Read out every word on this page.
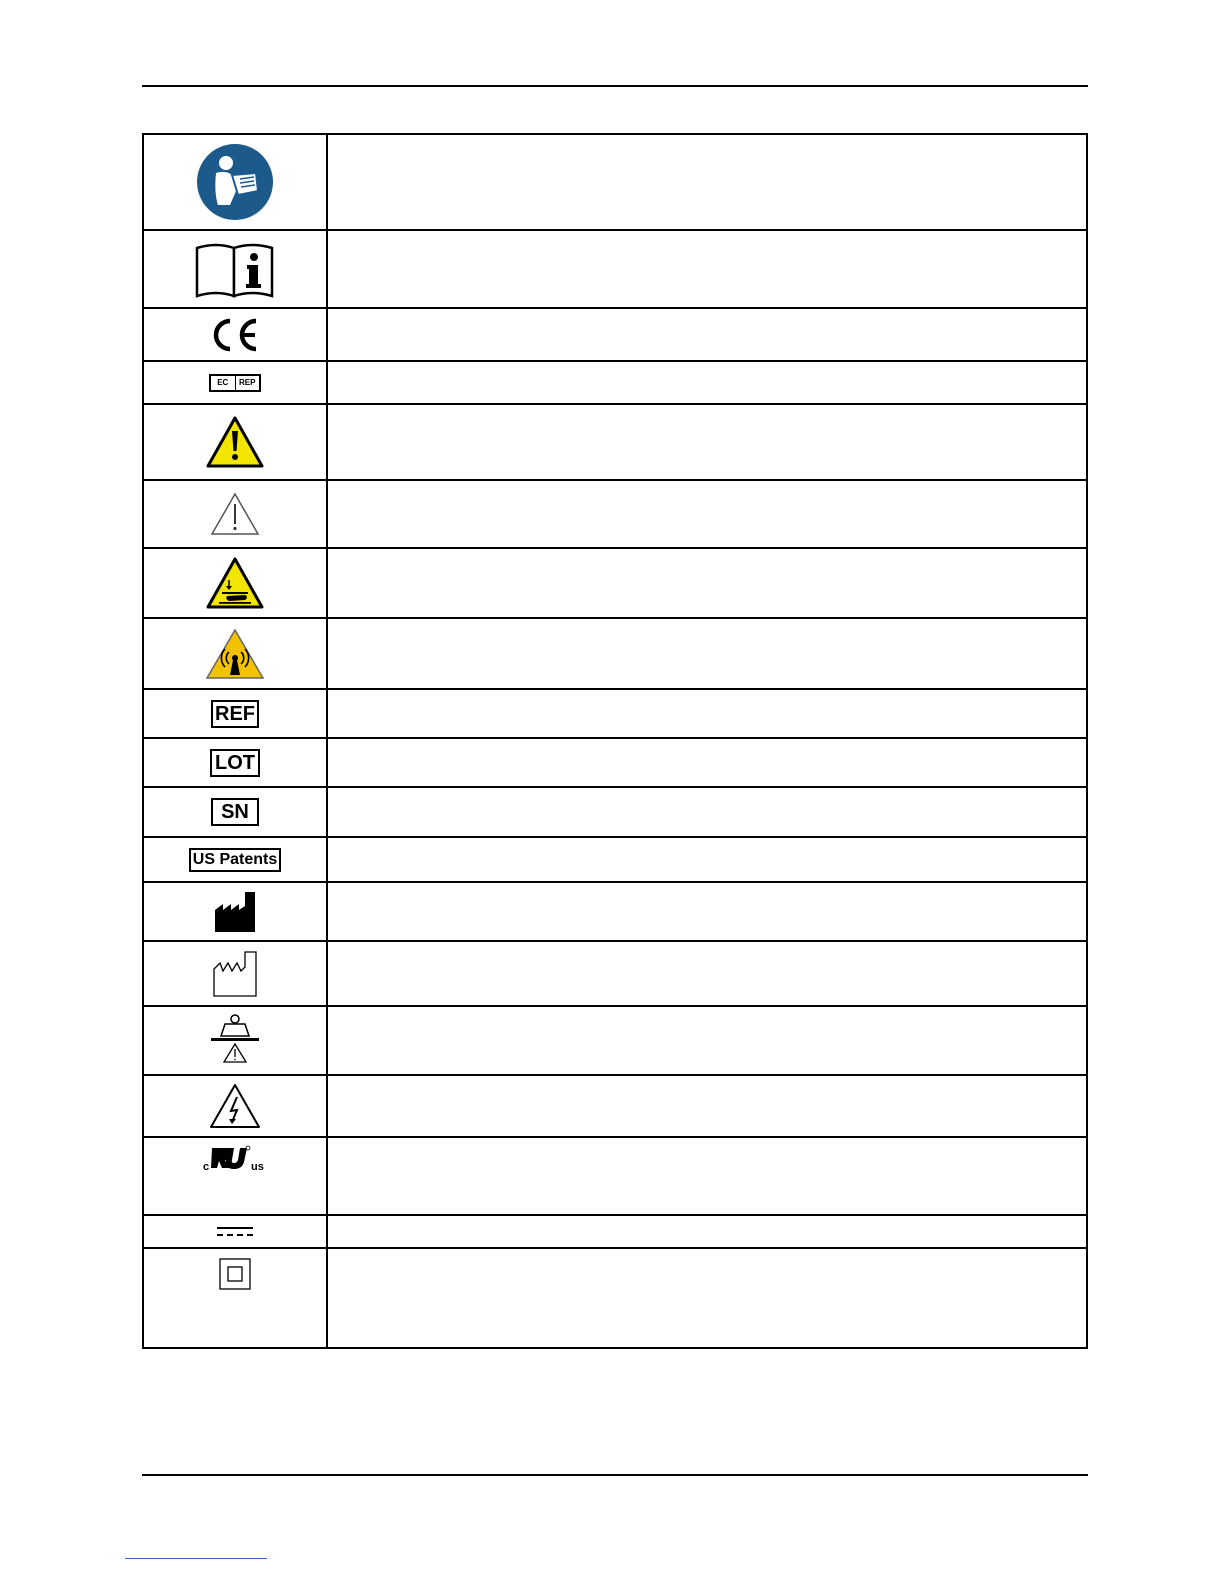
EC	REP
REF
LOT
SN
US Patents
c	us
